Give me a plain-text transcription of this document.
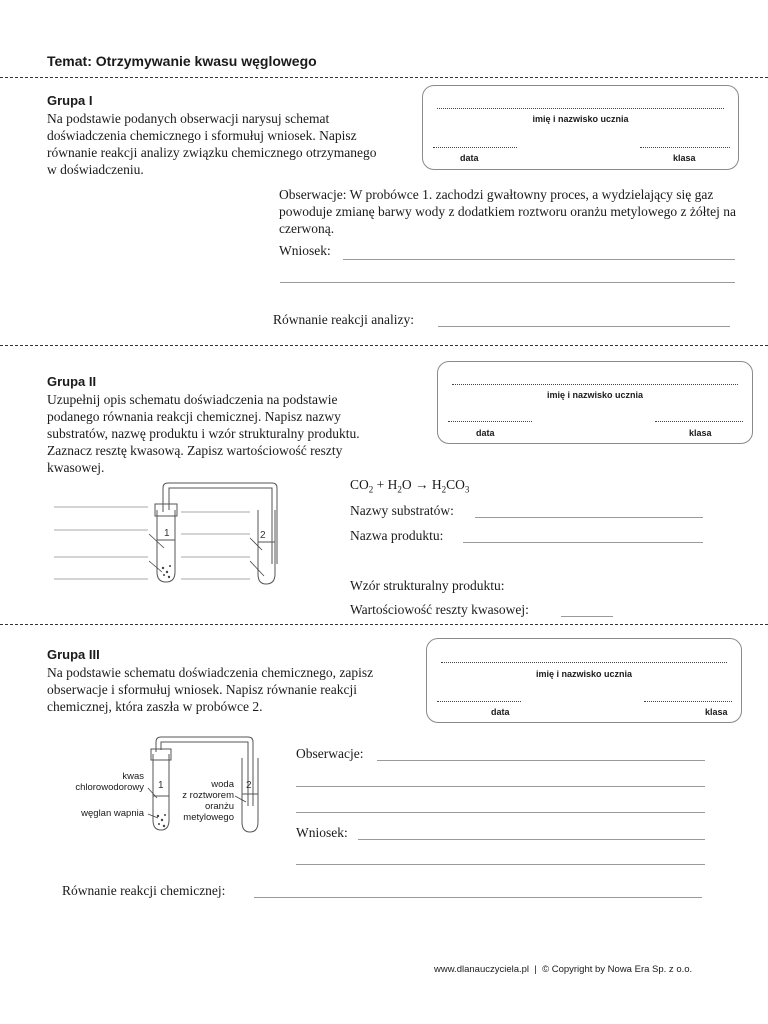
Temat: Otrzymywanie kwasu węglowego
Grupa I
Na podstawie podanych obserwacji narysuj schemat doświadczenia chemicznego i sformułuj wniosek. Napisz równanie reakcji analizy związku chemicznego otrzymanego w doświadczeniu.
imię i nazwisko ucznia
data	klasa
Obserwacje: W probówce 1. zachodzi gwałtowny proces, a wydzielający się gaz powoduje zmianę barwy wody z dodatkiem roztworu oranżu metylowego z żółtej na czerwoną.
Wniosek:
Równanie reakcji analizy:
Grupa II
Uzupełnij opis schematu doświadczenia na podstawie podanego równania reakcji chemicznej. Napisz nazwy substratów, nazwę produktu i wzór strukturalny produktu. Zaznacz resztę kwasową. Zapisz wartościowość reszty kwasowej.
imię i nazwisko ucznia
data	klasa
1	2
$CO_2 + H_2O \to H_2CO_3$
Nazwy substratów:
Nazwa produktu:
Wzór strukturalny produktu:
Wartościowość reszty kwasowej:
Grupa III
Na podstawie schematu doświadczenia chemicznego, zapisz obserwacje i sformułuj wniosek. Napisz równanie reakcji chemicznej, która zaszła w probówce 2.
imię i nazwisko ucznia
data	klasa
1	2
kwas
chlorowodorowy
węglan wapnia
woda
z roztworem
oranżu
metylowego
Obserwacje:
Wniosek:
Równanie reakcji chemicznej:
www.dlanauczyciela.pl  |  © Copyright by Nowa Era Sp. z o.o.
